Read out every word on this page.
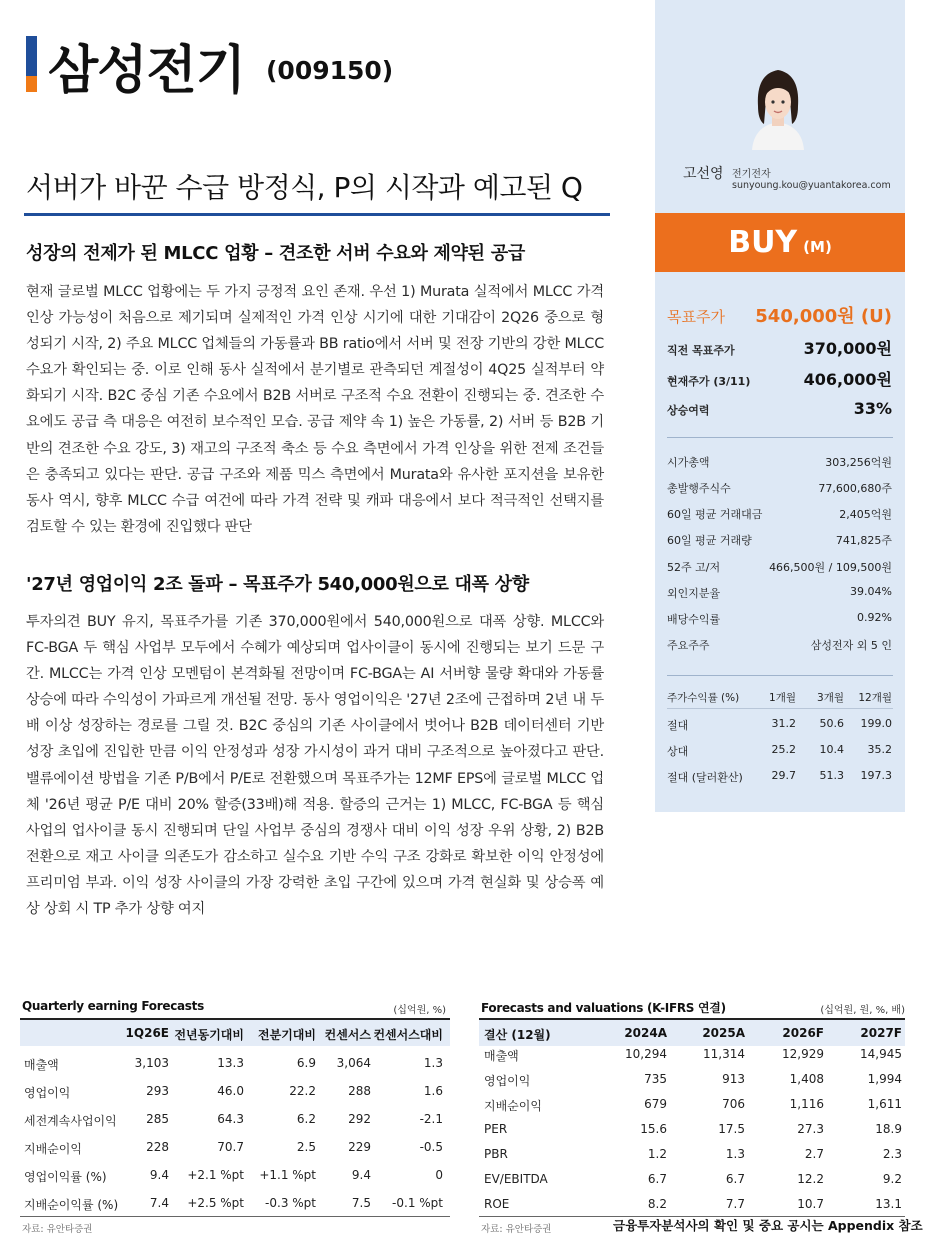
삼성전기 (009150)
서버가 바꾼 수급 방정식, P의 시작과 예고된 Q
성장의 전제가 된 MLCC 업황 – 견조한 서버 수요와 제약된 공급
현재 글로벌 MLCC 업황에는 두 가지 긍정적 요인 존재. 우선 1) Murata 실적에서 MLCC 가격 인상 가능성이 처음으로 제기되며 실제적인 가격 인상 시기에 대한 기대감이 2Q26 중으로 형성되기 시작, 2) 주요 MLCC 업체들의 가동률과 BB ratio에서 서버 및 전장 기반의 강한 MLCC 수요가 확인되는 중. 이로 인해 동사 실적에서 분기별로 관측되던 계절성이 4Q25 실적부터 약화되기 시작. B2C 중심 기존 수요에서 B2B 서버로 구조적 수요 전환이 진행되는 중. 견조한 수요에도 공급 측 대응은 여전히 보수적인 모습. 공급 제약 속 1) 높은 가동률, 2) 서버 등 B2B 기반의 견조한 수요 강도, 3) 재고의 구조적 축소 등 수요 측면에서 가격 인상을 위한 전제 조건들은 충족되고 있다는 판단. 공급 구조와 제품 믹스 측면에서 Murata와 유사한 포지션을 보유한 동사 역시, 향후 MLCC 수급 여건에 따라 가격 전략 및 캐파 대응에서 보다 적극적인 선택지를 검토할 수 있는 환경에 진입했다 판단
'27년 영업이익 2조 돌파 – 목표주가 540,000원으로 대폭 상향
투자의견 BUY 유지, 목표주가를 기존 370,000원에서 540,000원으로 대폭 상향. MLCC와 FC-BGA 두 핵심 사업부 모두에서 수혜가 예상되며 업사이클이 동시에 진행되는 보기 드문 구간. MLCC는 가격 인상 모멘텀이 본격화될 전망이며 FC-BGA는 AI 서버향 물량 확대와 가동률 상승에 따라 수익성이 가파르게 개선될 전망. 동사 영업이익은 '27년 2조에 근접하며 2년 내 두 배 이상 성장하는 경로를 그릴 것. B2C 중심의 기존 사이클에서 벗어나 B2B 데이터센터 기반 성장 초입에 진입한 만큼 이익 안정성과 성장 가시성이 과거 대비 구조적으로 높아졌다고 판단. 밸류에이션 방법을 기존 P/B에서 P/E로 전환했으며 목표주가는 12MF EPS에 글로벌 MLCC 업체 '26년 평균 P/E 대비 20% 할증(33배)해 적용. 할증의 근거는 1) MLCC, FC-BGA 등 핵심 사업의 업사이클 동시 진행되며 단일 사업부 중심의 경쟁사 대비 이익 성장 우위 상황, 2) B2B 전환으로 재고 사이클 의존도가 감소하고 실수요 기반 수익 구조 강화로 확보한 이익 안정성에 프리미엄 부과. 이익 성장 사이클의 가장 강력한 초입 구간에 있으며 가격 현실화 및 상승폭 예상 상회 시 TP 추가 상향 여지
고선영 전기전자
sunyoung.kou@yuantakorea.com
BUY (M)
목표주가 540,000원 (U)
직전 목표주가	370,000원
현재주가 (3/11)	406,000원
상승여력	33%
시가총액	303,256억원
총발행주식수	77,600,680주
60일 평균 거래대금	2,405억원
60일 평균 거래량	741,825주
52주 고/저	466,500원 / 109,500원
외인지분율	39.04%
배당수익률	0.92%
주요주주	삼성전자 외 5 인
주가수익률 (%)	1개월 3개월 12개월
절대	31.2 50.6 199.0
상대	25.2 10.4 35.2
절대 (달러환산)	29.7 51.3 197.3
Quarterly earning Forecasts	(십억원, %)
1Q26E 전년동기대비 전분기대비 컨센서스 컨센서스대비
매출액	3,103	13.3	6.9 3,064	1.3
영업이익	293	46.0	22.2	288	1.6
세전계속사업이익 285	64.3	6.2	292	-2.1
지배순이익	228	70.7	2.5	229	-0.5
영업이익률 (%)	9.4 +2.1 %pt +1.1 %pt	9.4	0
지배순이익률 (%)	7.4 +2.5 %pt -0.3 %pt	7.5 -0.1 %pt
자료: 유안타증권
Forecasts and valuations (K-IFRS 연결)	(십억원, 원, %, 배)
결산 (12월)	2024A	2025A	2026F	2027F
매출액	10,294	11,314	12,929	14,945
영업이익	735	913	1,408	1,994
지배순이익	679	706	1,116	1,611
PER	15.6	17.5	27.3	18.9
PBR	1.2	1.3	2.7	2.3
EV/EBITDA	6.7	6.7	12.2	9.2
ROE	8.2	7.7	10.7	13.1
자료: 유안타증권	금융투자분석사의 확인 및 중요 공시는 Appendix 참조
